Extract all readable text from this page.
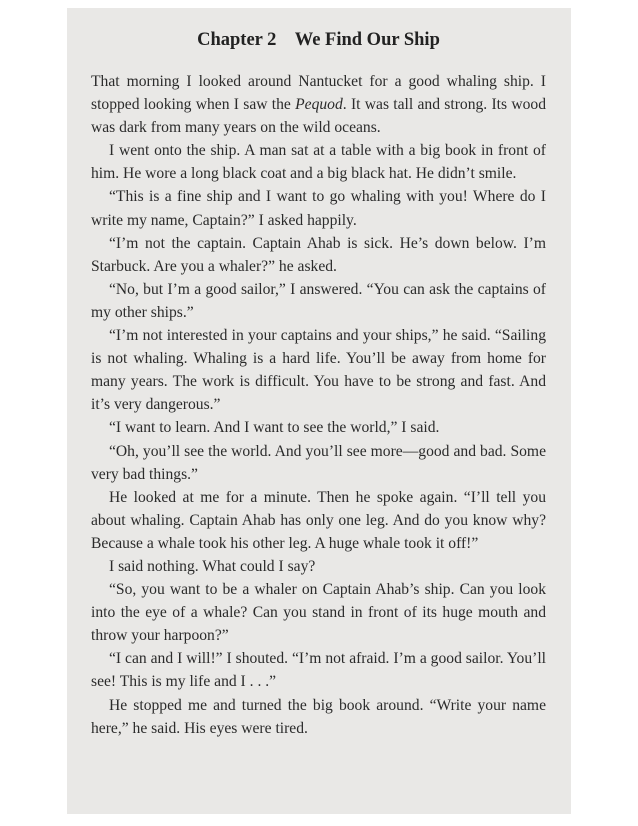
Chapter 2 We Find Our Ship

That morning I looked around Nantucket for a good whaling ship. I stopped looking when I saw the Pequod. It was tall and strong. Its wood was dark from many years on the wild oceans.

I went onto the ship. A man sat at a table with a big book in front of him. He wore a long black coat and a big black hat. He didn’t smile.

“This is a fine ship and I want to go whaling with you! Where do I write my name, Captain?” I asked happily.

“I’m not the captain. Captain Ahab is sick. He’s down below. I’m Starbuck. Are you a whaler?” he asked.

“No, but I’m a good sailor,” I answered. “You can ask the captains of my other ships.”

“I’m not interested in your captains and your ships,” he said. “Sailing is not whaling. Whaling is a hard life. You’ll be away from home for many years. The work is difficult. You have to be strong and fast. And it’s very dangerous.”

“I want to learn. And I want to see the world,” I said.

“Oh, you’ll see the world. And you’ll see more—good and bad. Some very bad things.”

He looked at me for a minute. Then he spoke again. “I’ll tell you about whaling. Captain Ahab has only one leg. And do you know why? Because a whale took his other leg. A huge whale took it off!”

I said nothing. What could I say?

“So, you want to be a whaler on Captain Ahab’s ship. Can you look into the eye of a whale? Can you stand in front of its huge mouth and throw your harpoon?”

“I can and I will!” I shouted. “I’m not afraid. I’m a good sailor. You’ll see! This is my life and I . . .”

He stopped me and turned the big book around. “Write your name here,” he said. His eyes were tired.
